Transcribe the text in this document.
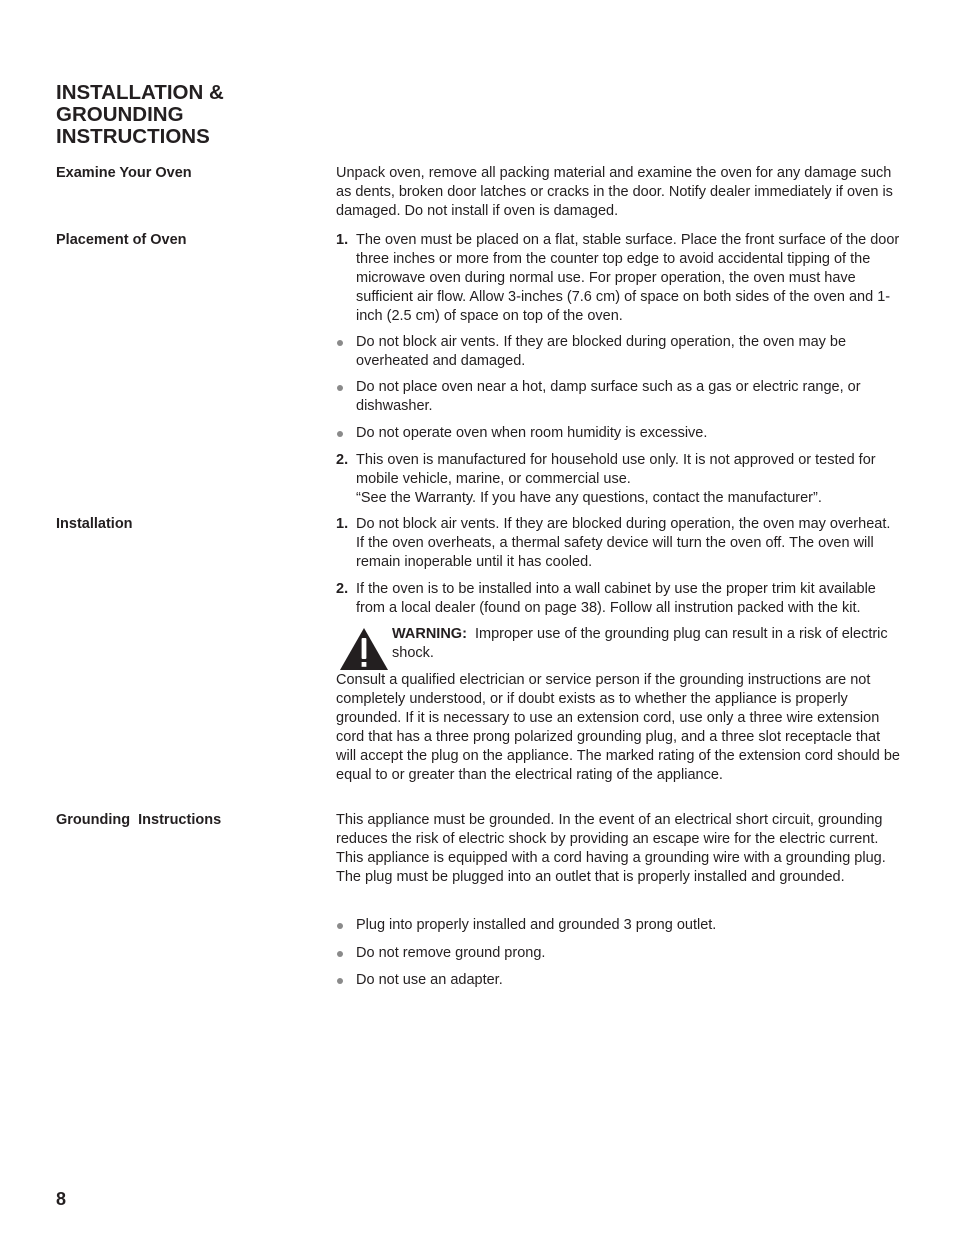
INSTALLATION & GROUNDING INSTRUCTIONS
Examine Your Oven	Unpack oven, remove all packing material and examine the oven for any damage such as dents, broken door latches or cracks in the door. Notify dealer immediately if oven is damaged. Do not install if oven is damaged.
Placement of Oven	1. The oven must be placed on a flat, stable surface. Place the front surface of the door three inches or more from the counter top edge to avoid accidental tipping of the microwave oven during normal use. For proper operation, the oven must have sufficient air flow. Allow 3-inches (7.6 cm) of space on both sides of the oven and 1-inch (2.5 cm) of space on top of the oven.
Do not block air vents. If they are blocked during operation, the oven may be overheated and damaged.
Do not place oven near a hot, damp surface such as a gas or electric range, or dishwasher.
Do not operate oven when room humidity is excessive.
2. This oven is manufactured for household use only. It is not approved or tested for mobile vehicle, marine, or commercial use.
“See the Warranty. If you have any questions, contact the manufacturer”.
Installation	1. Do not block air vents. If they are blocked during operation, the oven may overheat. If the oven overheats, a thermal safety device will turn the oven off. The oven will remain inoperable until it has cooled.
2. If the oven is to be installed into a wall cabinet by use the proper trim kit available from a local dealer (found on page 38). Follow all instrution packed with the kit.
WARNING: Improper use of the grounding plug can result in a risk of electric shock.
Consult a qualified electrician or service person if the grounding instructions are not completely understood, or if doubt exists as to whether the appliance is properly grounded. If it is necessary to use an extension cord, use only a three wire extension cord that has a three prong polarized grounding plug, and a three slot receptacle that will accept the plug on the appliance. The marked rating of the extension cord should be equal to or greater than the electrical rating of the appliance.
Grounding  Instructions	This appliance must be grounded. In the event of an electrical short circuit, grounding reduces the risk of electric shock by providing an escape wire for the electric current. This appliance is equipped with a cord having a grounding wire with a grounding plug. The plug must be plugged into an outlet that is properly installed and grounded.
Plug into properly installed and grounded 3 prong outlet.
Do not remove ground prong.
Do not use an adapter.
8
